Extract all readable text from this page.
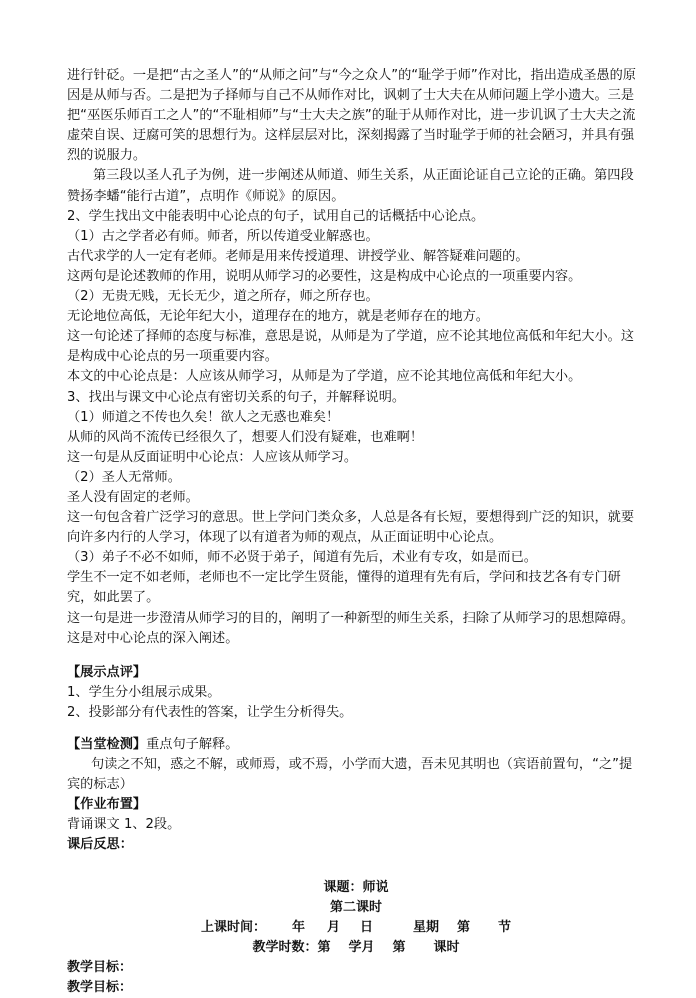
进行针砭。一是把“古之圣人”的“从师之问”与“今之众人”的“耻学于师”作对比，指出造成圣愚的原因是从师与否。二是把为子择师与自己不从师作对比，讽刺了士大夫在从师问题上学小遗大。三是把“巫医乐师百工之人”的“不耻相师”与“士大夫之族”的耻于从师作对比，进一步讥讽了士大夫之流虚荣自误、迂腐可笑的思想行为。这样层层对比，深刻揭露了当时耻学于师的社会陋习，并具有强烈的说服力。

第三段以圣人孔子为例，进一步阐述从师道、师生关系，从正面论证自己立论的正确。第四段赞扬李蟠“能行古道”，点明作《师说》的原因。

2、学生找出文中能表明中心论点的句子，试用自己的话概括中心论点。

（1）古之学者必有师。师者，所以传道受业解惑也。

古代求学的人一定有老师。老师是用来传授道理、讲授学业、解答疑难问题的。

这两句是论述教师的作用，说明从师学习的必要性，这是构成中心论点的一项重要内容。

（2）无贵无贱，无长无少，道之所存，师之所存也。

无论地位高低，无论年纪大小，道理存在的地方，就是老师存在的地方。

这一句论述了择师的态度与标准，意思是说，从师是为了学道，应不论其地位高低和年纪大小。这是构成中心论点的另一项重要内容。

本文的中心论点是：人应该从师学习，从师是为了学道，应不论其地位高低和年纪大小。

3、找出与课文中心论点有密切关系的句子，并解释说明。

（1）师道之不传也久矣！欲人之无惑也难矣！

从师的风尚不流传已经很久了，想要人们没有疑难，也难啊！

这一句是从反面证明中心论点：人应该从师学习。

（2）圣人无常师。

圣人没有固定的老师。

这一句包含着广泛学习的意思。世上学问门类众多，人总是各有长短，要想得到广泛的知识，就要向许多内行的人学习，体现了以有道者为师的观点，从正面证明中心论点。

（3）弟子不必不如师，师不必贤于弟子，闻道有先后，术业有专攻，如是而已。

学生不一定不如老师，老师也不一定比学生贤能，懂得的道理有先有后，学问和技艺各有专门研究，如此罢了。

这一句是进一步澄清从师学习的目的，阐明了一种新型的师生关系，扫除了从师学习的思想障碍。这是对中心论点的深入阐述。

【展示点评】

1、学生分小组展示成果。

2、投影部分有代表性的答案，让学生分析得失。

【当堂检测】重点句子解释。

句读之不知，惑之不解，或师焉，或不焉，小学而大遗，吾未见其明也（宾语前置句，“之”提宾的标志）

【作业布置】

背诵课文 1、2段。

课后反思：

课题：师说

第二课时

上课时间： 年 月 日	星期 第 节

教学时数：第 学月 第 课时

教学目标：

教学目标：
